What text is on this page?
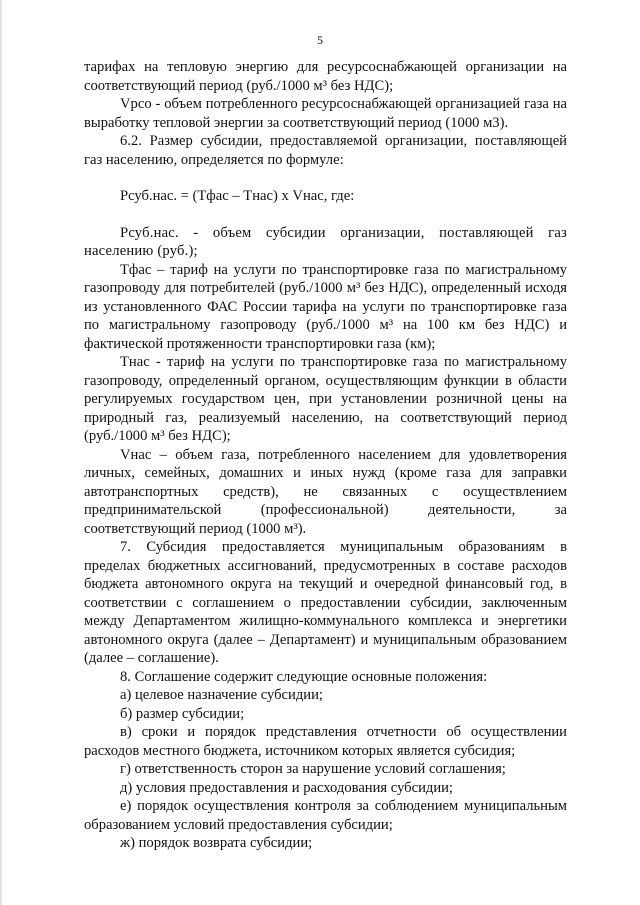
5

тарифах на тепловую энергию для ресурсоснабжающей организации на соответствующий период (руб./1000 м³ без НДС);

Vрсо - объем потребленного ресурсоснабжающей организацией газа на выработку тепловой энергии за соответствующий период (1000 м3).

6.2. Размер субсидии, предоставляемой организации, поставляющей газ населению, определяется по формуле:

Рсуб.нас. = (Тфас – Тнас) х Vнас, где:

Рсуб.нас. - объем субсидии организации, поставляющей газ населению (руб.);

Тфас – тариф на услуги по транспортировке газа по магистральному газопроводу для потребителей (руб./1000 м³ без НДС), определенный исходя из установленного ФАС России тарифа на услуги по транспортировке газа по магистральному газопроводу (руб./1000 м³ на 100 км без НДС) и фактической протяженности транспортировки газа (км);

Тнас - тариф на услуги по транспортировке газа по магистральному газопроводу, определенный органом, осуществляющим функции в области регулируемых государством цен, при установлении розничной цены на природный газ, реализуемый населению, на соответствующий период (руб./1000 м³ без НДС);

Vнас – объем газа, потребленного населением для удовлетворения личных, семейных, домашних и иных нужд (кроме газа для заправки автотранспортных средств), не связанных с осуществлением предпринимательской (профессиональной) деятельности, за соответствующий период (1000 м³).

7. Субсидия предоставляется муниципальным образованиям в пределах бюджетных ассигнований, предусмотренных в составе расходов бюджета автономного округа на текущий и очередной финансовый год, в соответствии с соглашением о предоставлении субсидии, заключенным между Департаментом жилищно-коммунального комплекса и энергетики автономного округа (далее – Департамент) и муниципальным образованием (далее – соглашение).

8. Соглашение содержит следующие основные положения:

а) целевое назначение субсидии;

б) размер субсидии;

в) сроки и порядок представления отчетности об осуществлении расходов местного бюджета, источником которых является субсидия;

г) ответственность сторон за нарушение условий соглашения;

д) условия предоставления и расходования субсидии;

е) порядок осуществления контроля за соблюдением муниципальным образованием условий предоставления субсидии;

ж) порядок возврата субсидии;
